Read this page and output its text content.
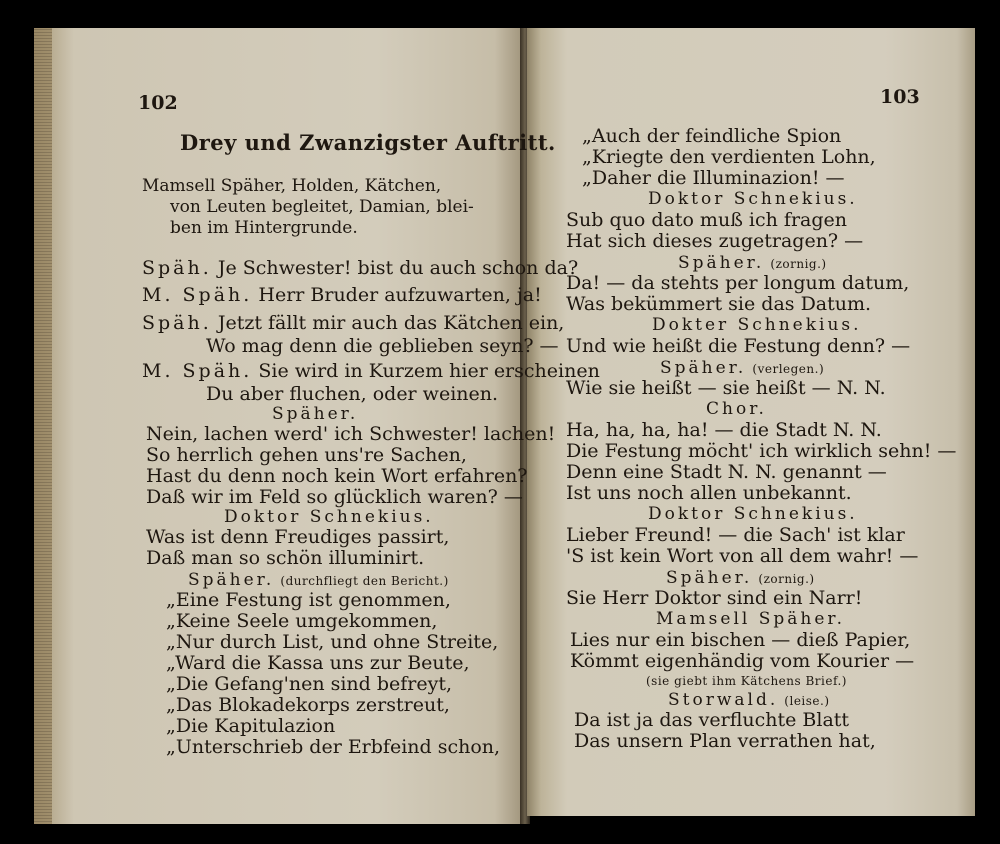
102
Drey und Zwanzigster Auftritt.
Mamsell Späher, Holden, Kätchen,
von Leuten begleitet, Damian, blei-
ben im Hintergrunde.
Späh. Je Schwester! bist du auch schon da?
M. Späh. Herr Bruder aufzuwarten, ja!
Späh. Jetzt fällt mir auch das Kätchen ein,
Wo mag denn die geblieben seyn? —
M. Späh. Sie wird in Kurzem hier erscheinen
Du aber fluchen, oder weinen.
Späher.
Nein, lachen werd' ich Schwester! lachen!
So herrlich gehen uns're Sachen,
Hast du denn noch kein Wort erfahren?
Daß wir im Feld so glücklich waren? —
Doktor Schnekius.
Was ist denn Freudiges passirt,
Daß man so schön illuminirt.
Späher. (durchfliegt den Bericht.)
„Eine Festung ist genommen,
„Keine Seele umgekommen,
„Nur durch List, und ohne Streite,
„Ward die Kassa uns zur Beute,
„Die Gefang'nen sind befreyt,
„Das Blokadekorps zerstreut,
„Die Kapitulazion
„Unterschrieb der Erbfeind schon,
103
„Auch der feindliche Spion
„Kriegte den verdienten Lohn,
„Daher die Illuminazion! —
Doktor Schnekius.
Sub quo dato muß ich fragen
Hat sich dieses zugetragen? —
Späher. (zornig.)
Da! — da stehts per longum datum,
Was bekümmert sie das Datum.
Dokter Schnekius.
Und wie heißt die Festung denn? —
Späher. (verlegen.)
Wie sie heißt — sie heißt — N. N.
Chor.
Ha, ha, ha, ha! — die Stadt N. N.
Die Festung möcht' ich wirklich sehn! —
Denn eine Stadt N. N. genannt —
Ist uns noch allen unbekannt.
Doktor Schnekius.
Lieber Freund! — die Sach' ist klar
'S ist kein Wort von all dem wahr! —
Späher. (zornig.)
Sie Herr Doktor sind ein Narr!
Mamsell Späher.
Lies nur ein bischen — dieß Papier,
Kömmt eigenhändig vom Kourier —
(sie giebt ihm Kätchens Brief.)
Storwald. (leise.)
Da ist ja das verfluchte Blatt
Das unsern Plan verrathen hat,
